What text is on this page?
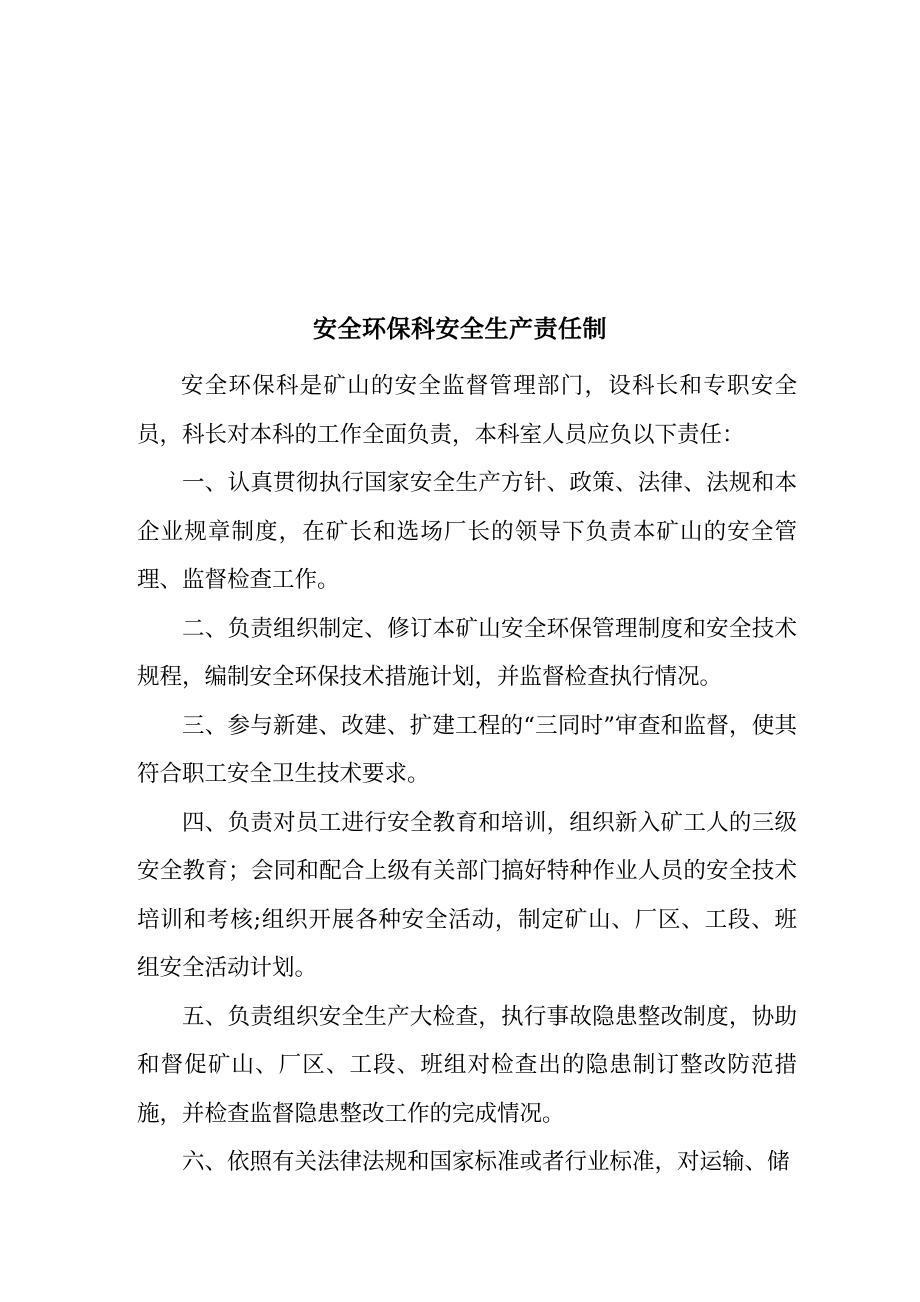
安全环保科安全生产责任制

安全环保科是矿山的安全监督管理部门，设科长和专职安全员，科长对本科的工作全面负责，本科室人员应负以下责任：

一、认真贯彻执行国家安全生产方针、政策、法律、法规和本企业规章制度，在矿长和选场厂长的领导下负责本矿山的安全管理、监督检查工作。

二、负责组织制定、修订本矿山安全环保管理制度和安全技术规程，编制安全环保技术措施计划，并监督检查执行情况。

三、参与新建、改建、扩建工程的“三同时”审查和监督，使其符合职工安全卫生技术要求。

四、负责对员工进行安全教育和培训，组织新入矿工人的三级安全教育；会同和配合上级有关部门搞好特种作业人员的安全技术培训和考核;组织开展各种安全活动，制定矿山、厂区、工段、班组安全活动计划。

五、负责组织安全生产大检查，执行事故隐患整改制度，协助和督促矿山、厂区、工段、班组对检查出的隐患制订整改防范措施，并检查监督隐患整改工作的完成情况。

六、依照有关法律法规和国家标准或者行业标准，对运输、储
